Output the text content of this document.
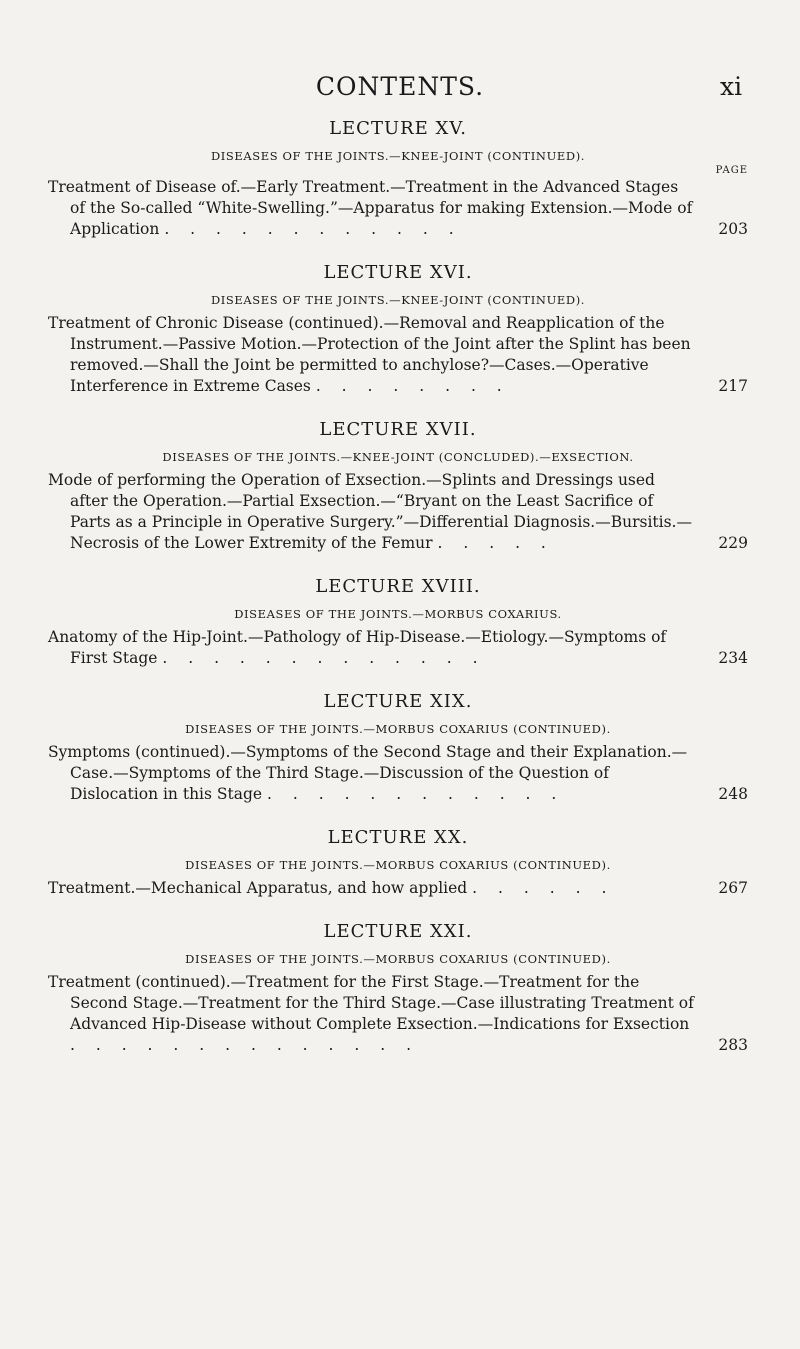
CONTENTS.	xi
LECTURE XV.
DISEASES OF THE JOINTS.—KNEE-JOINT (CONTINUED).
PAGE
Treatment of Disease of.—Early Treatment.—Treatment in the Advanced Stages of the So-called “White-Swelling.”—Apparatus for making Extension.—Mode of Application . . . . . . . . . . . .	203
LECTURE XVI.
DISEASES OF THE JOINTS.—KNEE-JOINT (CONTINUED).
Treatment of Chronic Disease (continued).—Removal and Reapplication of the Instrument.—Passive Motion.—Protection of the Joint after the Splint has been removed.—Shall the Joint be permitted to anchylose?—Cases.—Operative Interference in Extreme Cases . . . . . . . .	217
LECTURE XVII.
DISEASES OF THE JOINTS.—KNEE-JOINT (CONCLUDED).—EXSECTION.
Mode of performing the Operation of Exsection.—Splints and Dressings used after the Operation.—Partial Exsection.—“Bryant on the Least Sacrifice of Parts as a Principle in Operative Surgery.”—Differential Diagnosis.—Bursitis.—Necrosis of the Lower Extremity of the Femur . . . . .	229
LECTURE XVIII.
DISEASES OF THE JOINTS.—MORBUS COXARIUS.
Anatomy of the Hip-Joint.—Pathology of Hip-Disease.—Etiology.—Symptoms of First Stage . . . . . . . . . . . . .	234
LECTURE XIX.
DISEASES OF THE JOINTS.—MORBUS COXARIUS (CONTINUED).
Symptoms (continued).—Symptoms of the Second Stage and their Explanation.—Case.—Symptoms of the Third Stage.—Discussion of the Question of Dislocation in this Stage . . . . . . . . . . . .	248
LECTURE XX.
DISEASES OF THE JOINTS.—MORBUS COXARIUS (CONTINUED).
Treatment.—Mechanical Apparatus, and how applied . . . . . .	267
LECTURE XXI.
DISEASES OF THE JOINTS.—MORBUS COXARIUS (CONTINUED).
Treatment (continued).—Treatment for the First Stage.—Treatment for the Second Stage.—Treatment for the Third Stage.—Case illustrating Treatment of Advanced Hip-Disease without Complete Exsection.—Indications for Exsection . . . . . . . . . . . . . .	283
